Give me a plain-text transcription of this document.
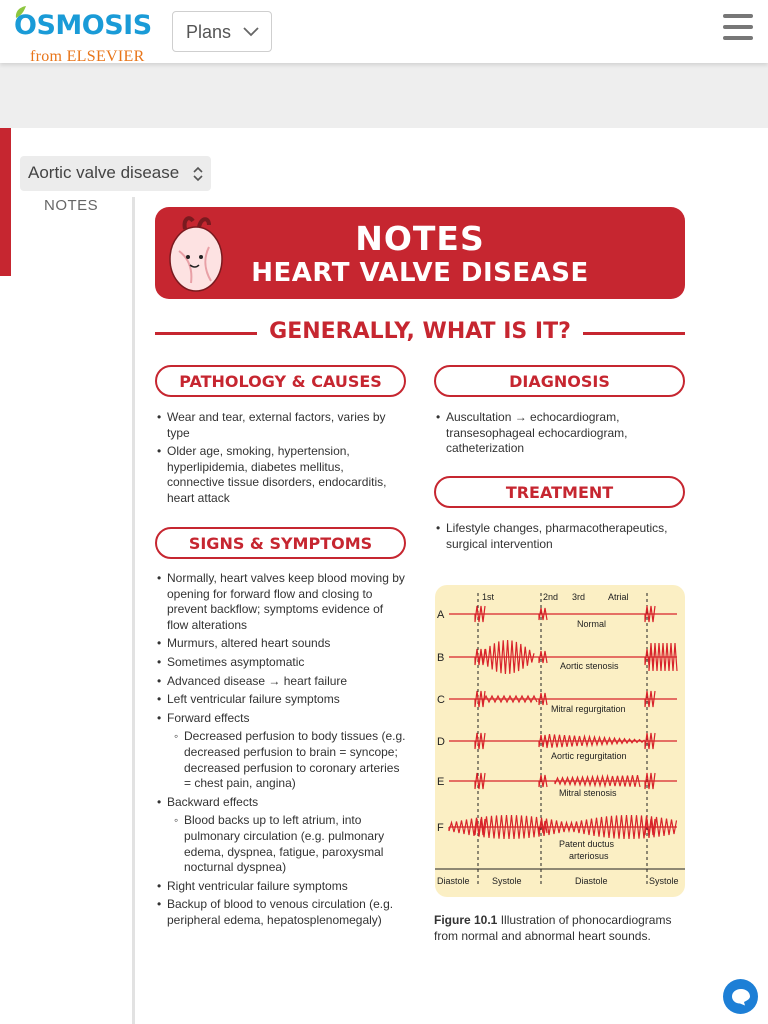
OSMOSIS
from ELSEVIER
Plans
Aortic valve disease
NOTES
NOTES
HEART VALVE DISEASE
GENERALLY, WHAT IS IT?
PATHOLOGY & CAUSES
• Wear and tear, external factors, varies by type
• Older age, smoking, hypertension, hyperlipidemia, diabetes mellitus, connective tissue disorders, endocarditis, heart attack
SIGNS & SYMPTOMS
• Normally, heart valves keep blood moving by opening for forward flow and closing to prevent backflow; symptoms evidence of flow alterations
• Murmurs, altered heart sounds
• Sometimes asymptomatic
• Advanced disease → heart failure
• Left ventricular failure symptoms
• Forward effects
◦ Decreased perfusion to body tissues (e.g. decreased perfusion to brain = syncope; decreased perfusion to coronary arteries = chest pain, angina)
• Backward effects
◦ Blood backs up to left atrium, into pulmonary circulation (e.g. pulmonary edema, dyspnea, fatigue, paroxysmal nocturnal dyspnea)
• Right ventricular failure symptoms
• Backup of blood to venous circulation (e.g. peripheral edema, hepatosplenomegaly)
DIAGNOSIS
• Auscultation → echocardiogram, transesophageal echocardiogram, catheterization
TREATMENT
• Lifestyle changes, pharmacotherapeutics, surgical intervention
1st	2nd 3rd	Atrial
A
B
C
D
E
F
Normal
Aortic stenosis
Mitral regurgitation
Aortic regurgitation
Mitral stenosis
Patent ductus
arteriosus
Diastole Systole	Diastole	Systole
Figure 10.1 Illustration of phonocardiograms from normal and abnormal heart sounds.
